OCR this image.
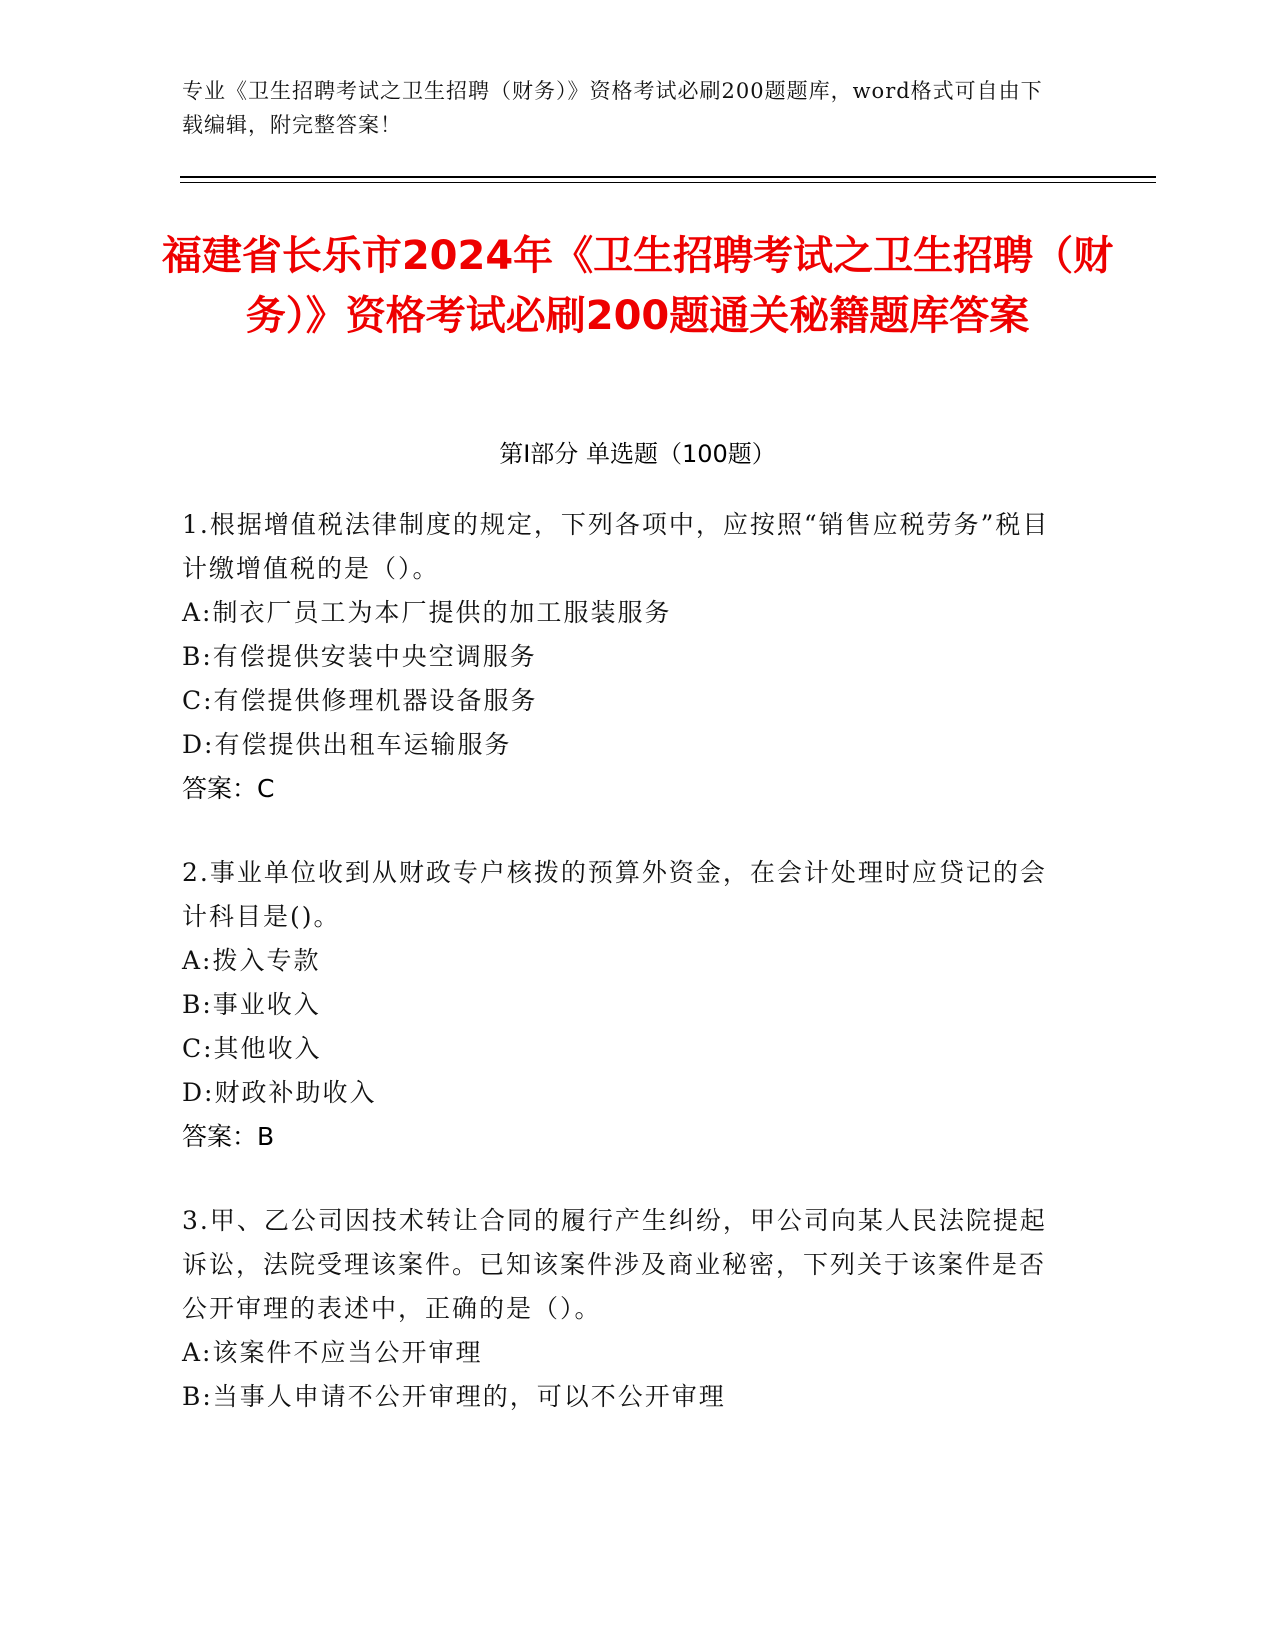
专业《卫生招聘考试之卫生招聘（财务）》资格考试必刷200题题库，word格式可自由下载编辑，附完整答案！
福建省长乐市2024年《卫生招聘考试之卫生招聘（财务）》资格考试必刷200题通关秘籍题库答案
第I部分 单选题（100题）
1.根据增值税法律制度的规定，下列各项中，应按照“销售应税劳务”税目计缴增值税的是（）。
A:制衣厂员工为本厂提供的加工服装服务
B:有偿提供安装中央空调服务
C:有偿提供修理机器设备服务
D:有偿提供出租车运输服务
答案：C
2.事业单位收到从财政专户核拨的预算外资金，在会计处理时应贷记的会计科目是()。
A:拨入专款
B:事业收入
C:其他收入
D:财政补助收入
答案：B
3.甲、乙公司因技术转让合同的履行产生纠纷，甲公司向某人民法院提起诉讼，法院受理该案件。已知该案件涉及商业秘密，下列关于该案件是否公开审理的表述中，正确的是（）。
A:该案件不应当公开审理
B:当事人申请不公开审理的，可以不公开审理
